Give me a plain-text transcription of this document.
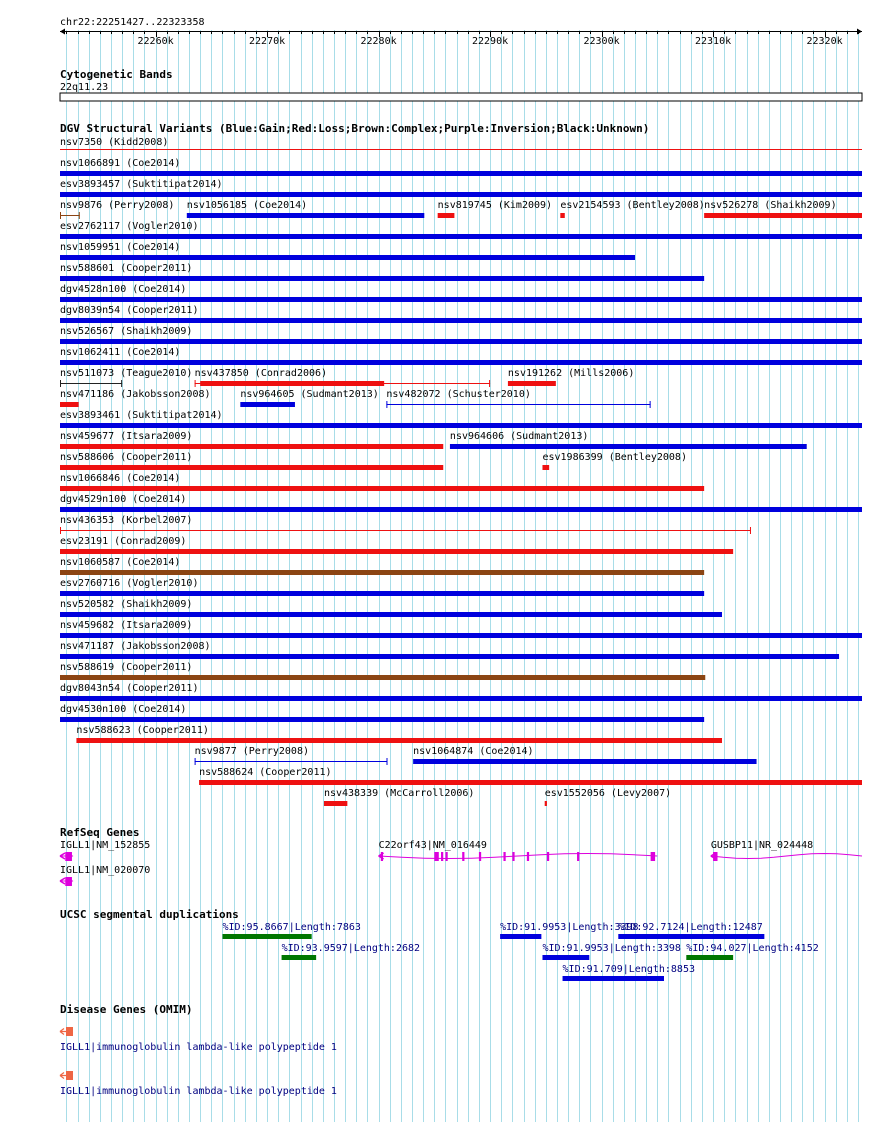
chr22:22251427..22323358
22260k	22270k	22280k	22290k	22300k	22310k	22320k
Cytogenetic Bands
22q11.23
DGV Structural Variants (Blue:Gain;Red:Loss;Brown:Complex;Purple:Inversion;Black:Unknown)
nsv7350 (Kidd2008)
nsv1066891 (Coe2014)
esv3893457 (Suktitipat2014)
nsv9876 (Perry2008) nsv1056185 (Coe2014)	nsv819745 (Kim2009) esv2154593 (Bentley2008) nsv526278 (Shaikh2009)
esv2762117 (Vogler2010)
nsv1059951 (Coe2014)
nsv588601 (Cooper2011)
dgv4528n100 (Coe2014)
dgv8039n54 (Cooper2011)
nsv526567 (Shaikh2009)
nsv1062411 (Coe2014)
nsv511073 (Teague2010) nsv437850 (Conrad2006)	nsv191262 (Mills2006)
nsv471186 (Jakobsson2008)	nsv964605 (Sudmant2013) nsv482072 (Schuster2010)
esv3893461 (Suktitipat2014)
nsv459677 (Itsara2009)	nsv964606 (Sudmant2013)
nsv588606 (Cooper2011)	esv1986399 (Bentley2008)
nsv1066846 (Coe2014)
dgv4529n100 (Coe2014)
nsv436353 (Korbel2007)
esv23191 (Conrad2009)
nsv1060587 (Coe2014)
esv2760716 (Vogler2010)
nsv520582 (Shaikh2009)
nsv459682 (Itsara2009)
nsv471187 (Jakobsson2008)
nsv588619 (Cooper2011)
dgv8043n54 (Cooper2011)
dgv4530n100 (Coe2014)
nsv588623 (Cooper2011)
nsv9877 (Perry2008)	nsv1064874 (Coe2014)
nsv588624 (Cooper2011)
nsv438339 (McCarroll2006)	esv1552056 (Levy2007)
RefSeq Genes
IGLL1|NM_152855	C22orf43|NM_016449	GUSBP11|NR_024448
IGLL1|NM_020070
UCSC segmental duplications
%ID:95.8667|Length:7863	%ID:91.9953|Length:3398
%ID:92.7124|Length:12487
%ID:93.9597|Length:2682	%ID:91.9953|Length:3398 %ID:94.027|Length:4152
%ID:91.709|Length:8853
Disease Genes (OMIM)
IGLL1|immunoglobulin lambda-like polypeptide 1
IGLL1|immunoglobulin lambda-like polypeptide 1
